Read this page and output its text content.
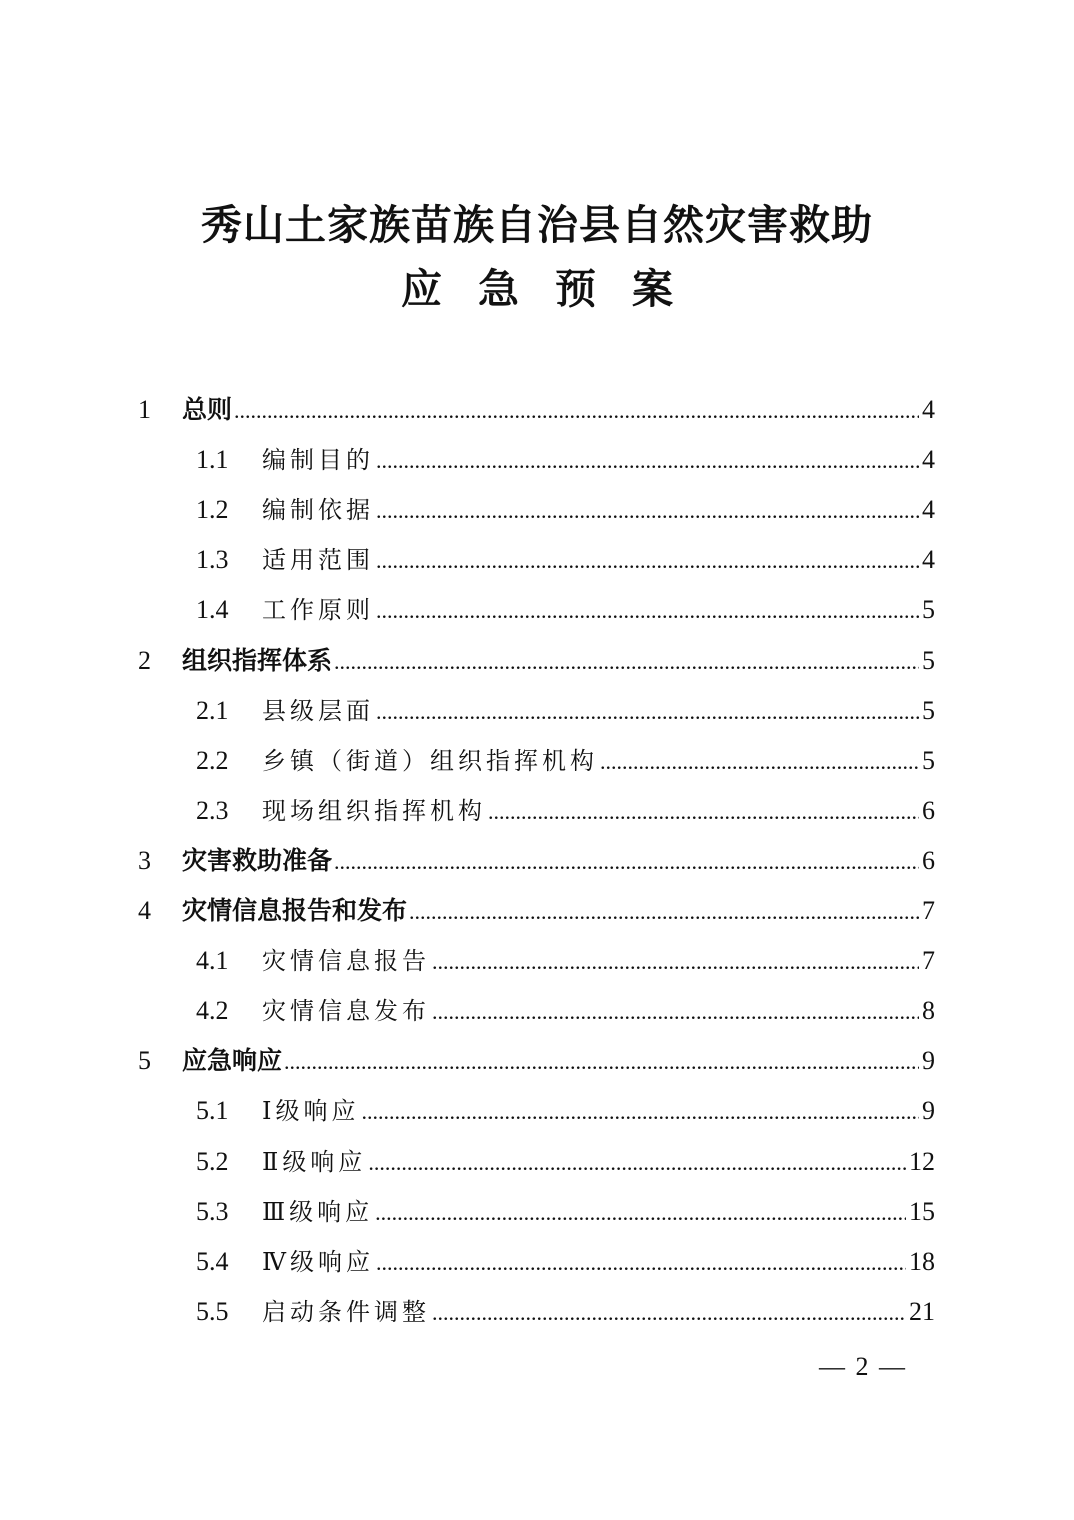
秀山土家族苗族自治县自然灾害救助
应急预案
1	总则 .....	4
1.1	编制目的 .....	4
1.2	编制依据 .....	4
1.3	适用范围 .....	4
1.4	工作原则 .....	5
2	组织指挥体系 .....	5
2.1	县级层面 .....	5
2.2	乡镇（街道）组织指挥机构 .....	5
2.3	现场组织指挥机构 .....	6
3	灾害救助准备 .....	6
4	灾情信息报告和发布 .....	7
4.1	灾情信息报告 .....	7
4.2	灾情信息发布 .....	8
5	应急响应 .....	9
5.1	Ⅰ级响应 .....	9
5.2	Ⅱ级响应 .....	12
5.3	Ⅲ级响应 .....	15
5.4	Ⅳ级响应 .....	18
5.5	启动条件调整 .....	21
— 2 —
